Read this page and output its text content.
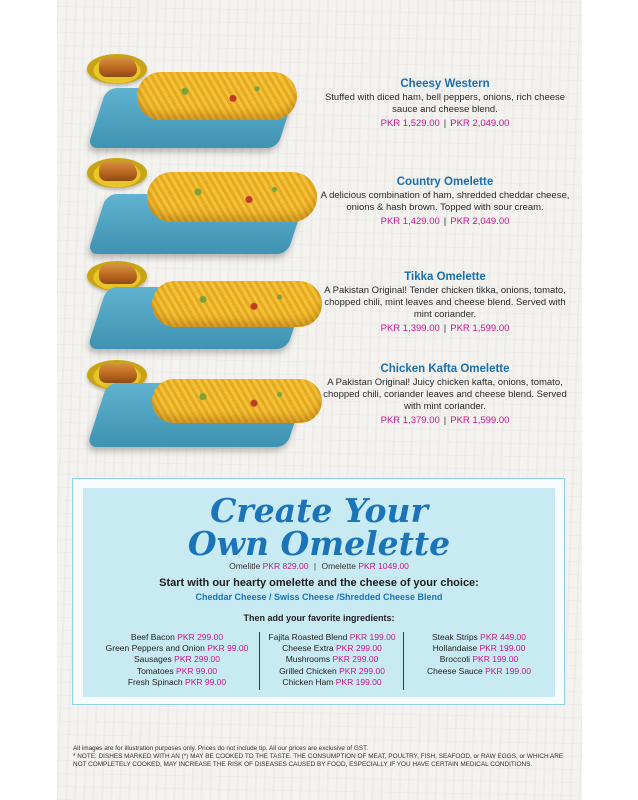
Cheesy Western
Stuffed with diced ham, bell peppers, onions, rich cheese sauce and cheese blend.
PKR 1,529.00 | PKR 2,049.00
Country Omelette
A delicious combination of ham, shredded cheddar cheese, onions & hash brown. Topped with sour cream.
PKR 1,429.00 | PKR 2,049.00
Tikka Omelette
A Pakistan Original! Tender chicken tikka, onions, tomato, chopped chili, mint leaves and cheese blend. Served with mint coriander.
PKR 1,399.00 | PKR 1,599.00
Chicken Kafta Omelette
A Pakistan Original! Juicy chicken kafta, onions, tomato, chopped chili, coriander leaves and cheese blend. Served with mint coriander.
PKR 1,379.00 | PKR 1,599.00
Create Your
Own Omelette
Omelitle PKR 829.00 | Omelette PKR 1049.00
Start with our hearty omelette and the cheese of your choice:
Cheddar Cheese / Swiss Cheese /Shredded Cheese Blend
Then add your favorite ingredients:
Beef Bacon PKR 299.00
Green Peppers and Onion PKR 99.00
Sausages PKR 299.00
Tomatoes PKR 99.00
Fresh Spinach PKR 99.00
Fajita Roasted Blend PKR 199.00
Cheese Extra PKR 299.00
Mushrooms PKR 299.00
Grilled Chicken PKR 299.00
Chicken Ham PKR 199.00
Steak Strips PKR 449.00
Hollandaise PKR 199.00
Broccoli PKR 199.00
Cheese Sauce PKR 199.00
All images are for illustration purposes only. Prices do not include tip. All our prices are exclusive of GST.
* NOTE: DISHES MARKED WITH AN (*) MAY BE COOKED TO THE TASTE. THE CONSUMPTION OF MEAT, POULTRY, FISH, SEAFOOD, or RAW EGGS, or WHICH ARE
NOT COMPLETELY COOKED, MAY INCREASE THE RISK OF DISEASES CAUSED BY FOOD, ESPECIALLY IF YOU HAVE CERTAIN MEDICAL CONDITIONS.
